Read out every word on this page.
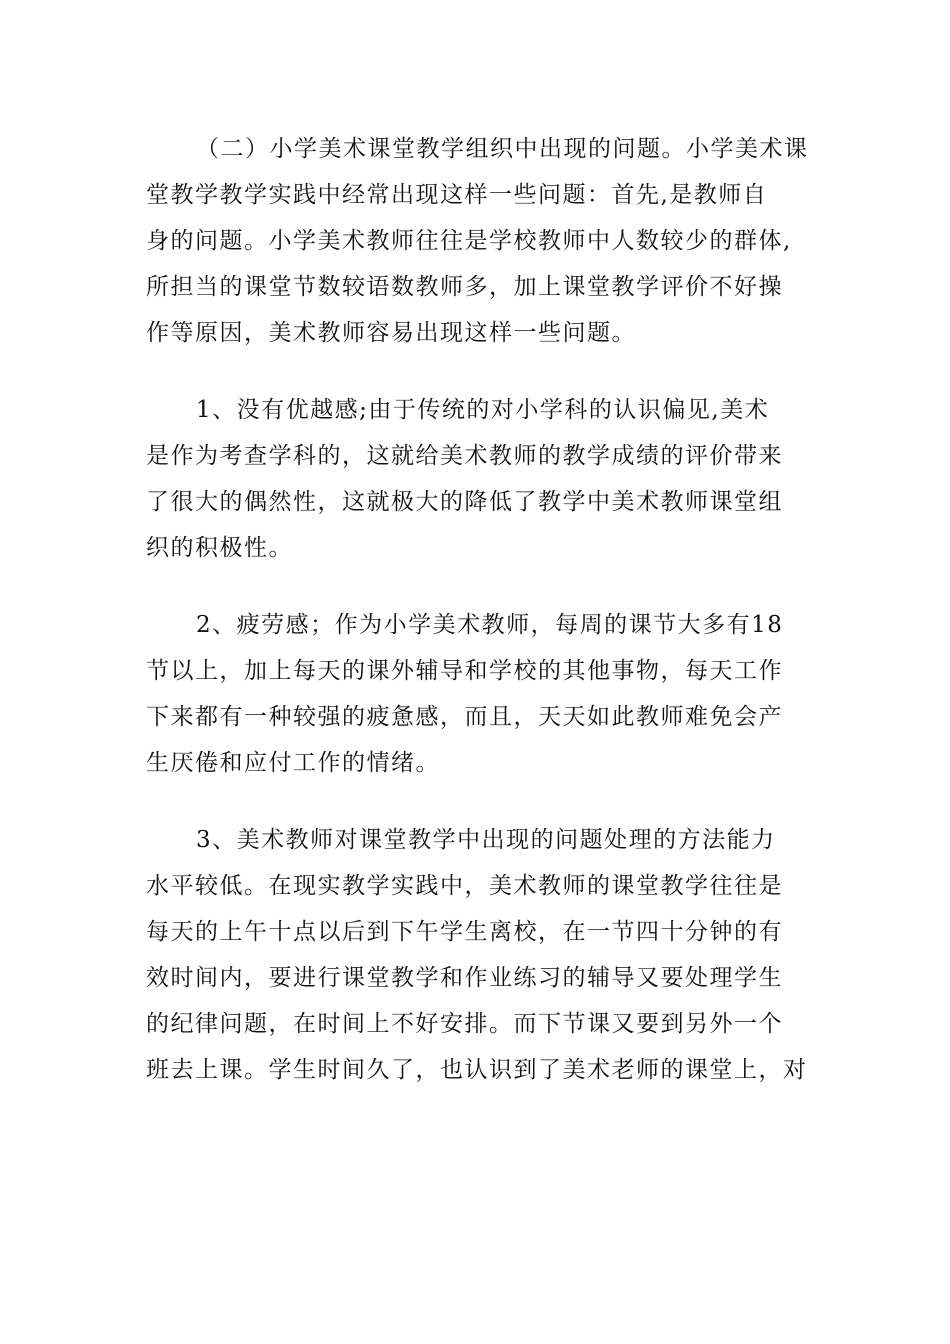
（二）小学美术课堂教学组织中出现的问题。小学美术课
堂教学教学实践中经常出现这样一些问题：首先,是教师自
身的问题。小学美术教师往往是学校教师中人数较少的群体,
所担当的课堂节数较语数教师多，加上课堂教学评价不好操
作等原因，美术教师容易出现这样一些问题。
1、没有优越感;由于传统的对小学科的认识偏见,美术
是作为考查学科的，这就给美术教师的教学成绩的评价带来
了很大的偶然性，这就极大的降低了教学中美术教师课堂组
织的积极性。
2、疲劳感；作为小学美术教师，每周的课节大多有18
节以上，加上每天的课外辅导和学校的其他事物，每天工作
下来都有一种较强的疲惫感，而且，天天如此教师难免会产
生厌倦和应付工作的情绪。
3、美术教师对课堂教学中出现的问题处理的方法能力
水平较低。在现实教学实践中，美术教师的课堂教学往往是
每天的上午十点以后到下午学生离校，在一节四十分钟的有
效时间内，要进行课堂教学和作业练习的辅导又要处理学生
的纪律问题，在时间上不好安排。而下节课又要到另外一个
班去上课。学生时间久了，也认识到了美术老师的课堂上，对
